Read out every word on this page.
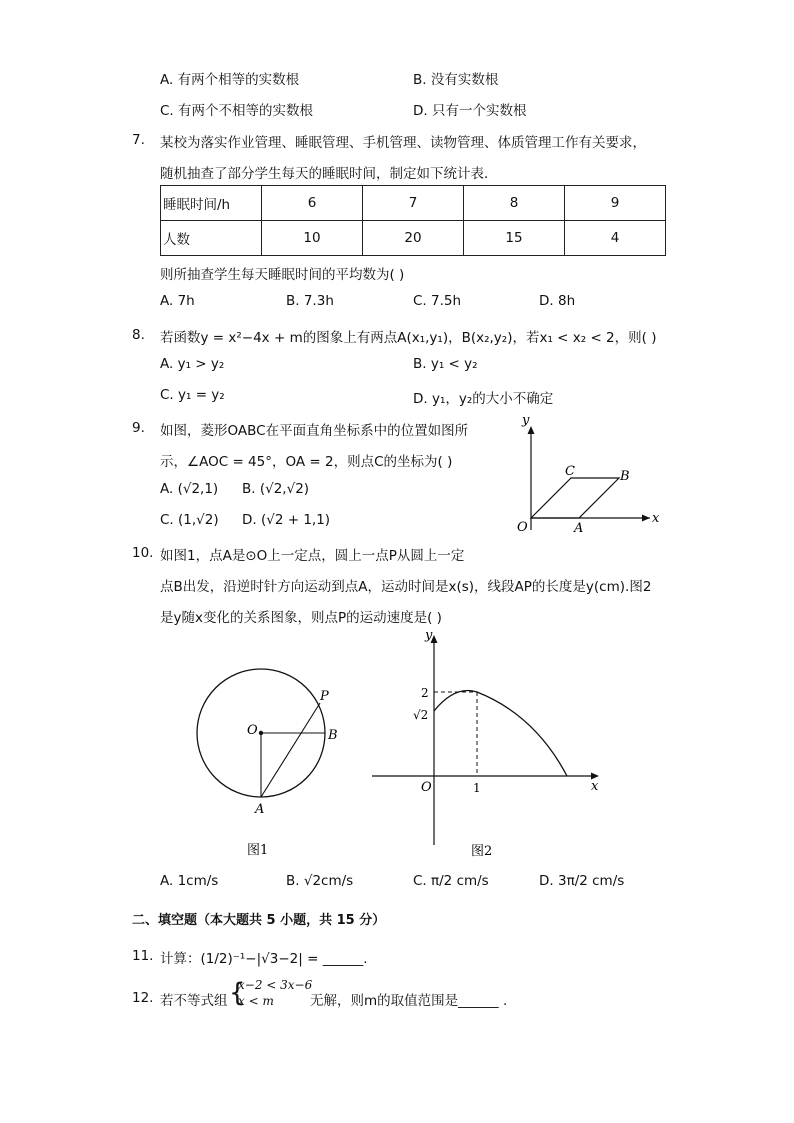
A. 有两个相等的实数根	B. 没有实数根
C. 有两个不相等的实数根	D. 只有一个实数根
7. 某校为落实作业管理、睡眠管理、手机管理、读物管理、体质管理工作有关要求，
随机抽查了部分学生每天的睡眠时间，制定如下统计表．
睡眠时间/h	6	7	8	9
人数	10	20	15	4
则所抽查学生每天睡眠时间的平均数为( )
A. 7h	B. 7.3h	C. 7.5h	D. 8h
8. 若函数y = x²−4x + m的图象上有两点A(x₁,y₁)，B(x₂,y₂)，若x₁ < x₂ < 2，则( )
A. y₁ > y₂	B. y₁ < y₂
C. y₁ = y₂	D. y₁，y₂的大小不确定
9. 如图，菱形OABC在平面直角坐标系中的位置如图所
示，∠AOC = 45°，OA = 2，则点C的坐标为( )
A. (√2,1) B. (√2,√2)
C. (1,√2) D. (√2 + 1,1)
y
x
O	A
B
C
10. 如图1，点A是⊙O上一定点，圆上一点P从圆上一定
点B出发，沿逆时针方向运动到点A，运动时间是x(s)，线段AP的长度是y(cm).图2
是y随x变化的关系图象，则点P的运动速度是( )
O
P
B
A
图1
y
x
O
2
√2
1
图2
A. 1cm/s	B. √2cm/s	C. π/2 cm/s	D. 3π/2 cm/s
二、填空题（本大题共 5 小题，共 15 分）
11. 计算：(1/2)⁻¹−|√3−2| = ______.
12. 若不等式组 {
x−2 < 3x−6
x < m	无解，则m的取值范围是______ .
